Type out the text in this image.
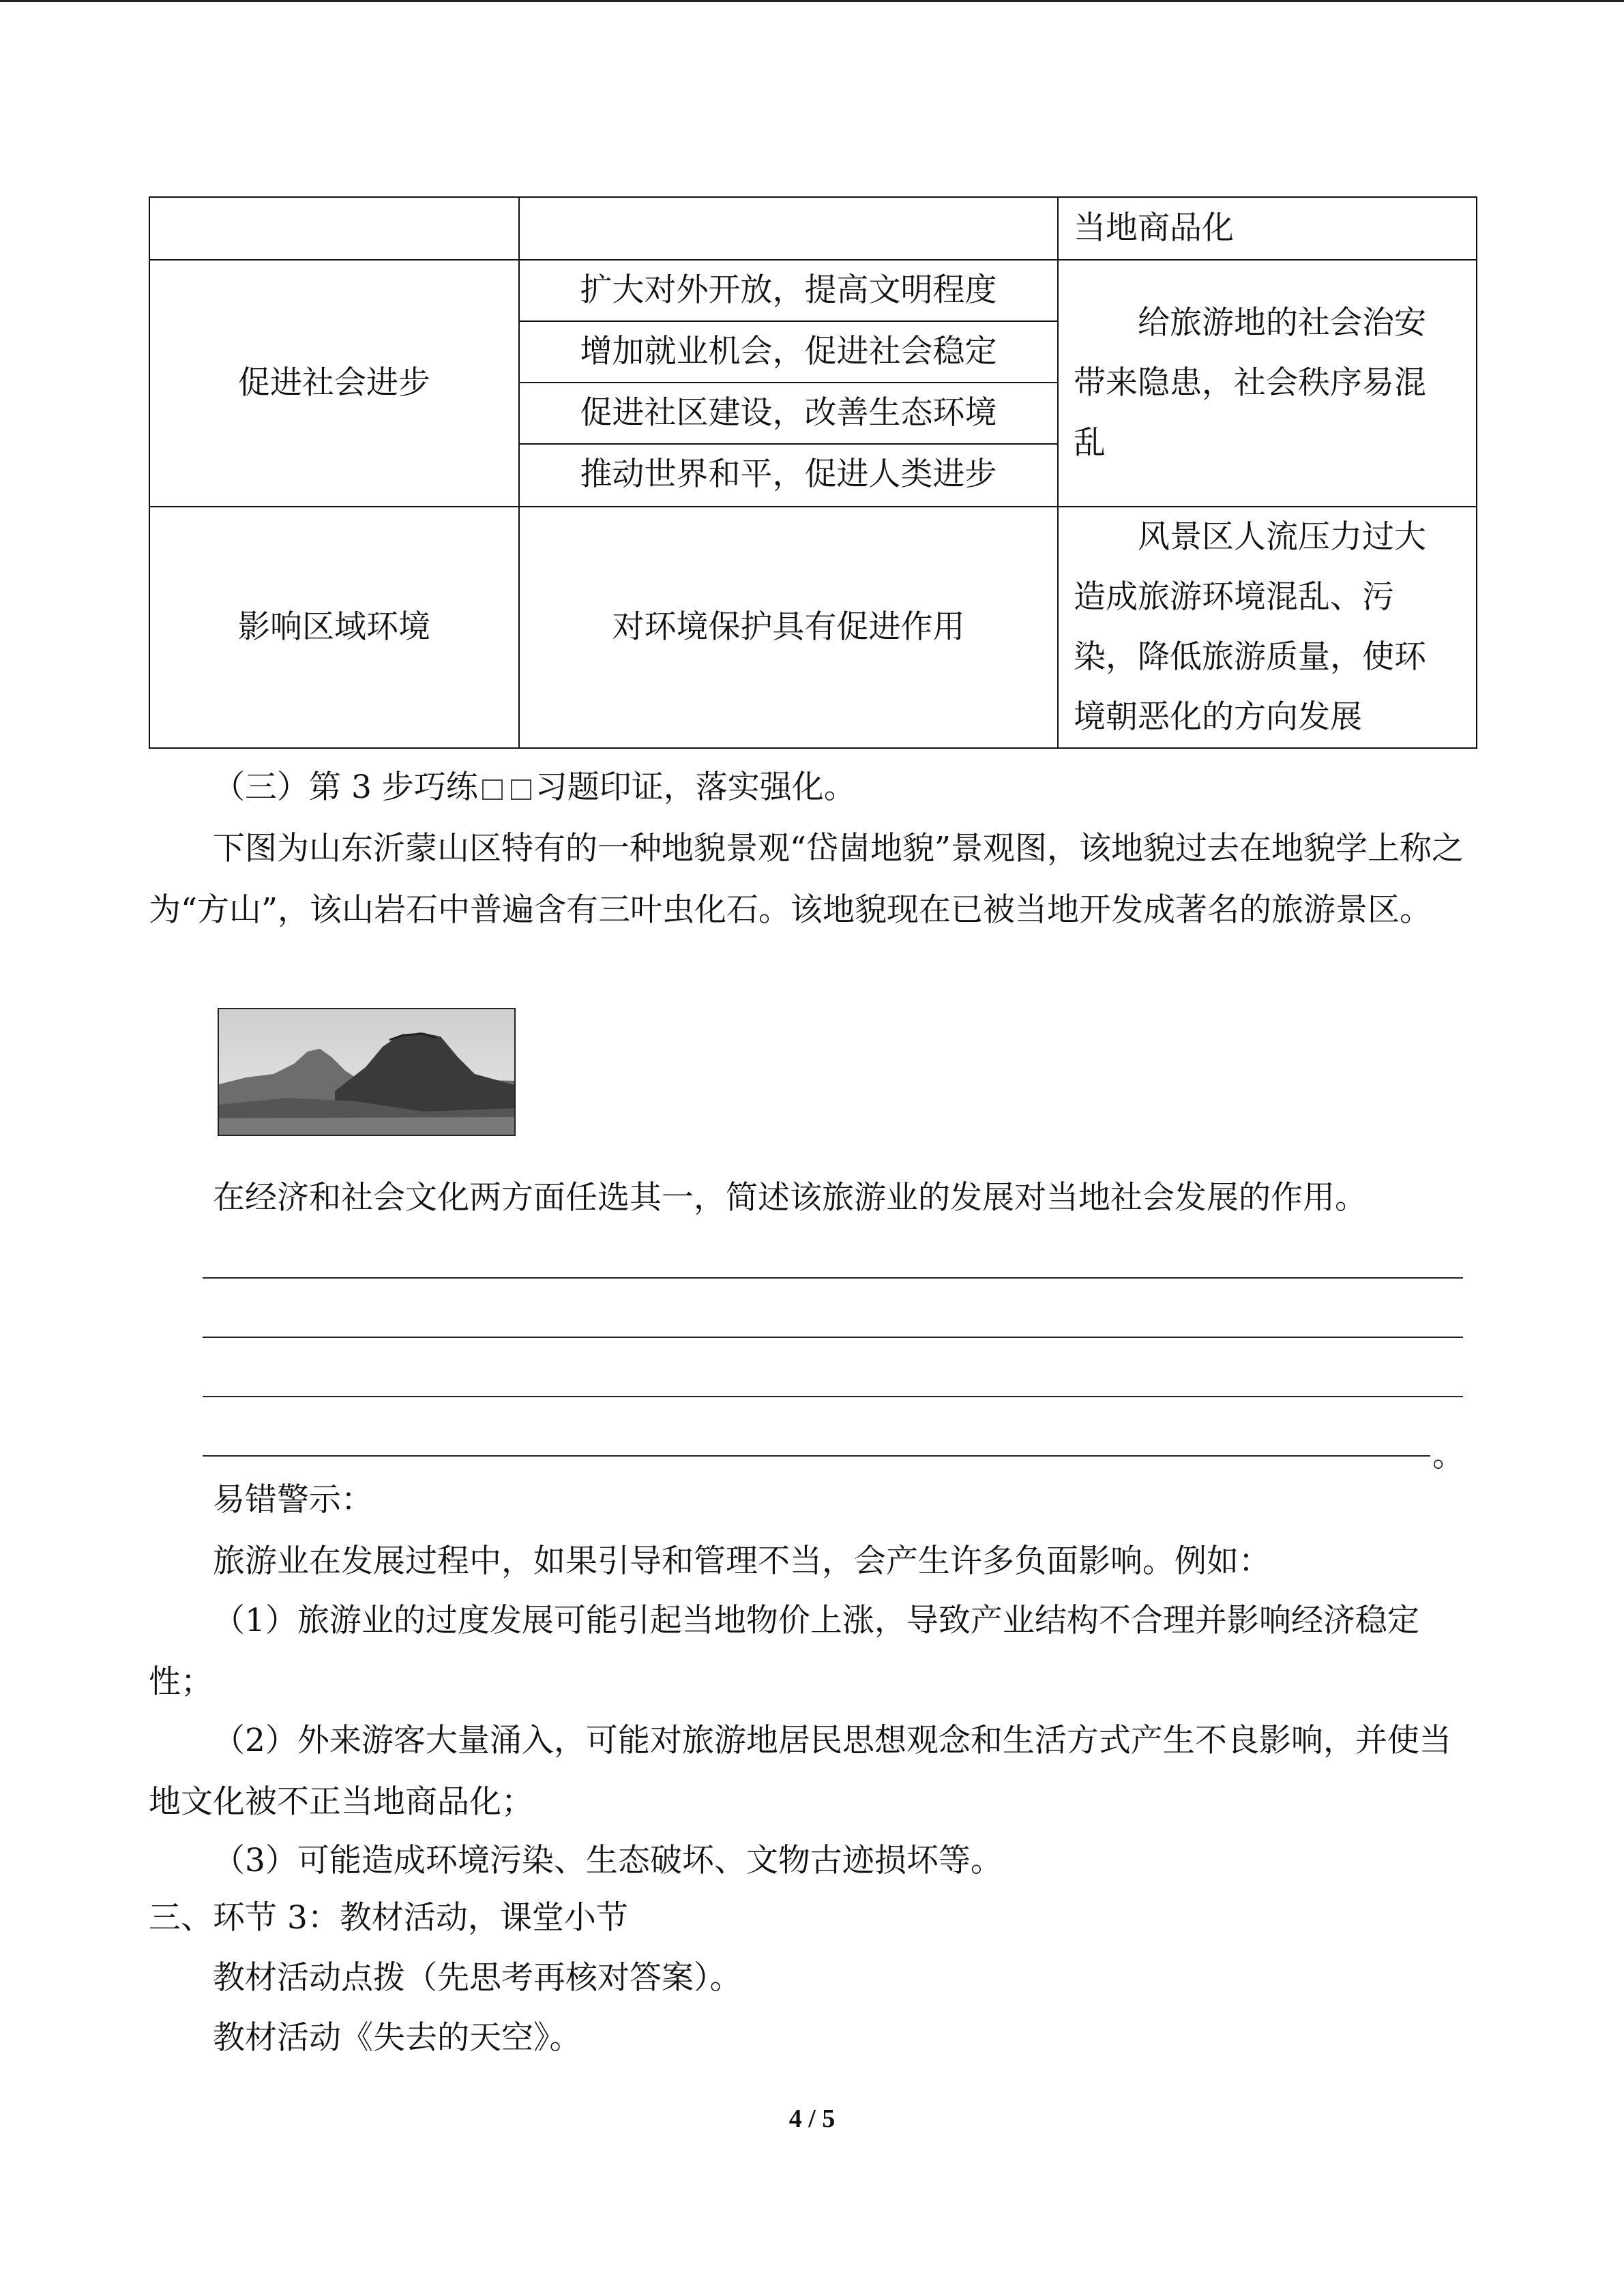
		当地商品化
促进社会进步	扩大对外开放，提高文明程度
增加就业机会，促进社会稳定
促进社区建设，改善生态环境
推动世界和平，促进人类进步	给旅游地的社会治安带来隐患，社会秩序易混乱

影响区域环境	对环境保护具有促进作用	风景区人流压力过大造成旅游环境混乱、污染，降低旅游质量，使环境朝恶化的方向发展
（三）第 3 步巧练 习题印证，落实强化。
下图为山东沂蒙山区特有的一种地貌景观“岱崮地貌”景观图，该地貌过去在地貌学上称之为“方山”，该山岩石中普遍含有三叶虫化石。该地貌现在已被当地开发成著名的旅游景区。
在经济和社会文化两方面任选其一，简述该旅游业的发展对当地社会发展的作用。
。
易错警示：
旅游业在发展过程中，如果引导和管理不当，会产生许多负面影响。例如：
（1）旅游业的过度发展可能引起当地物价上涨，导致产业结构不合理并影响经济稳定性；
（2）外来游客大量涌入，可能对旅游地居民思想观念和生活方式产生不良影响，并使当地文化被不正当地商品化；
（3）可能造成环境污染、生态破坏、文物古迹损坏等。
三、环节 3：教材活动，课堂小节
教材活动点拨（先思考再核对答案）。
教材活动《失去的天空》。
4 / 5
